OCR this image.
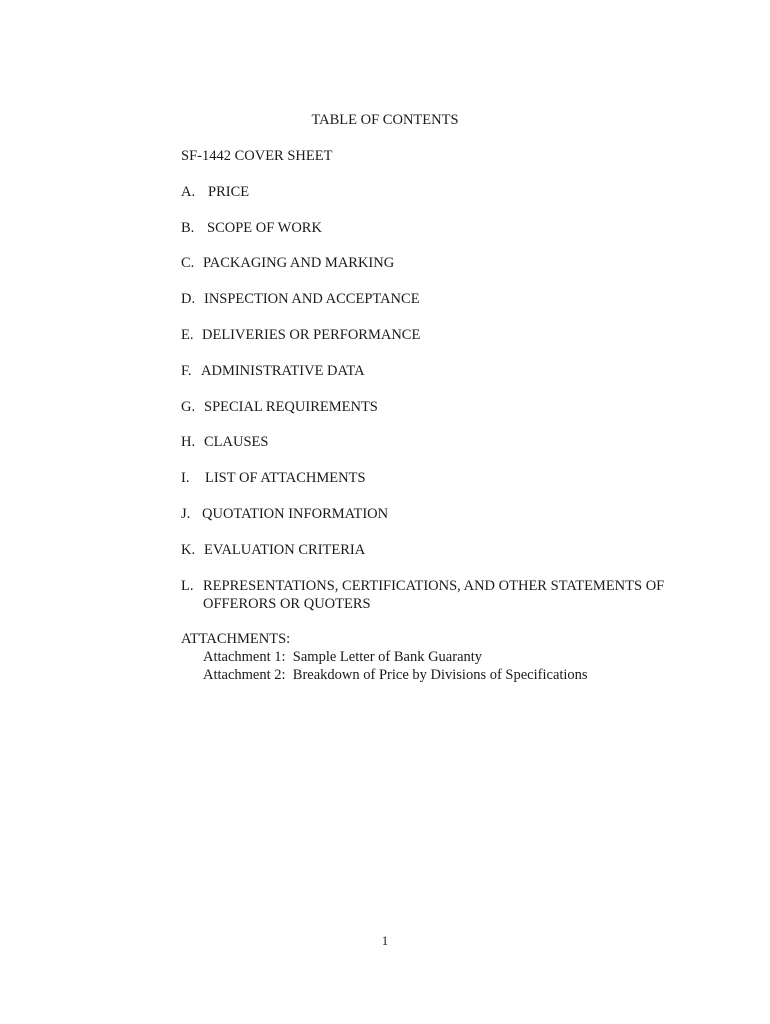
TABLE OF CONTENTS
SF-1442 COVER SHEET
A. PRICE
B. SCOPE OF WORK
C. PACKAGING AND MARKING
D. INSPECTION AND ACCEPTANCE
E. DELIVERIES OR PERFORMANCE
F. ADMINISTRATIVE DATA
G. SPECIAL REQUIREMENTS
H. CLAUSES
I.	LIST OF ATTACHMENTS
J. QUOTATION INFORMATION
K. EVALUATION CRITERIA
L. REPRESENTATIONS, CERTIFICATIONS, AND OTHER STATEMENTS OF OFFERORS OR QUOTERS
ATTACHMENTS:
Attachment 1:  Sample Letter of Bank Guaranty
Attachment 2:  Breakdown of Price by Divisions of Specifications
1
